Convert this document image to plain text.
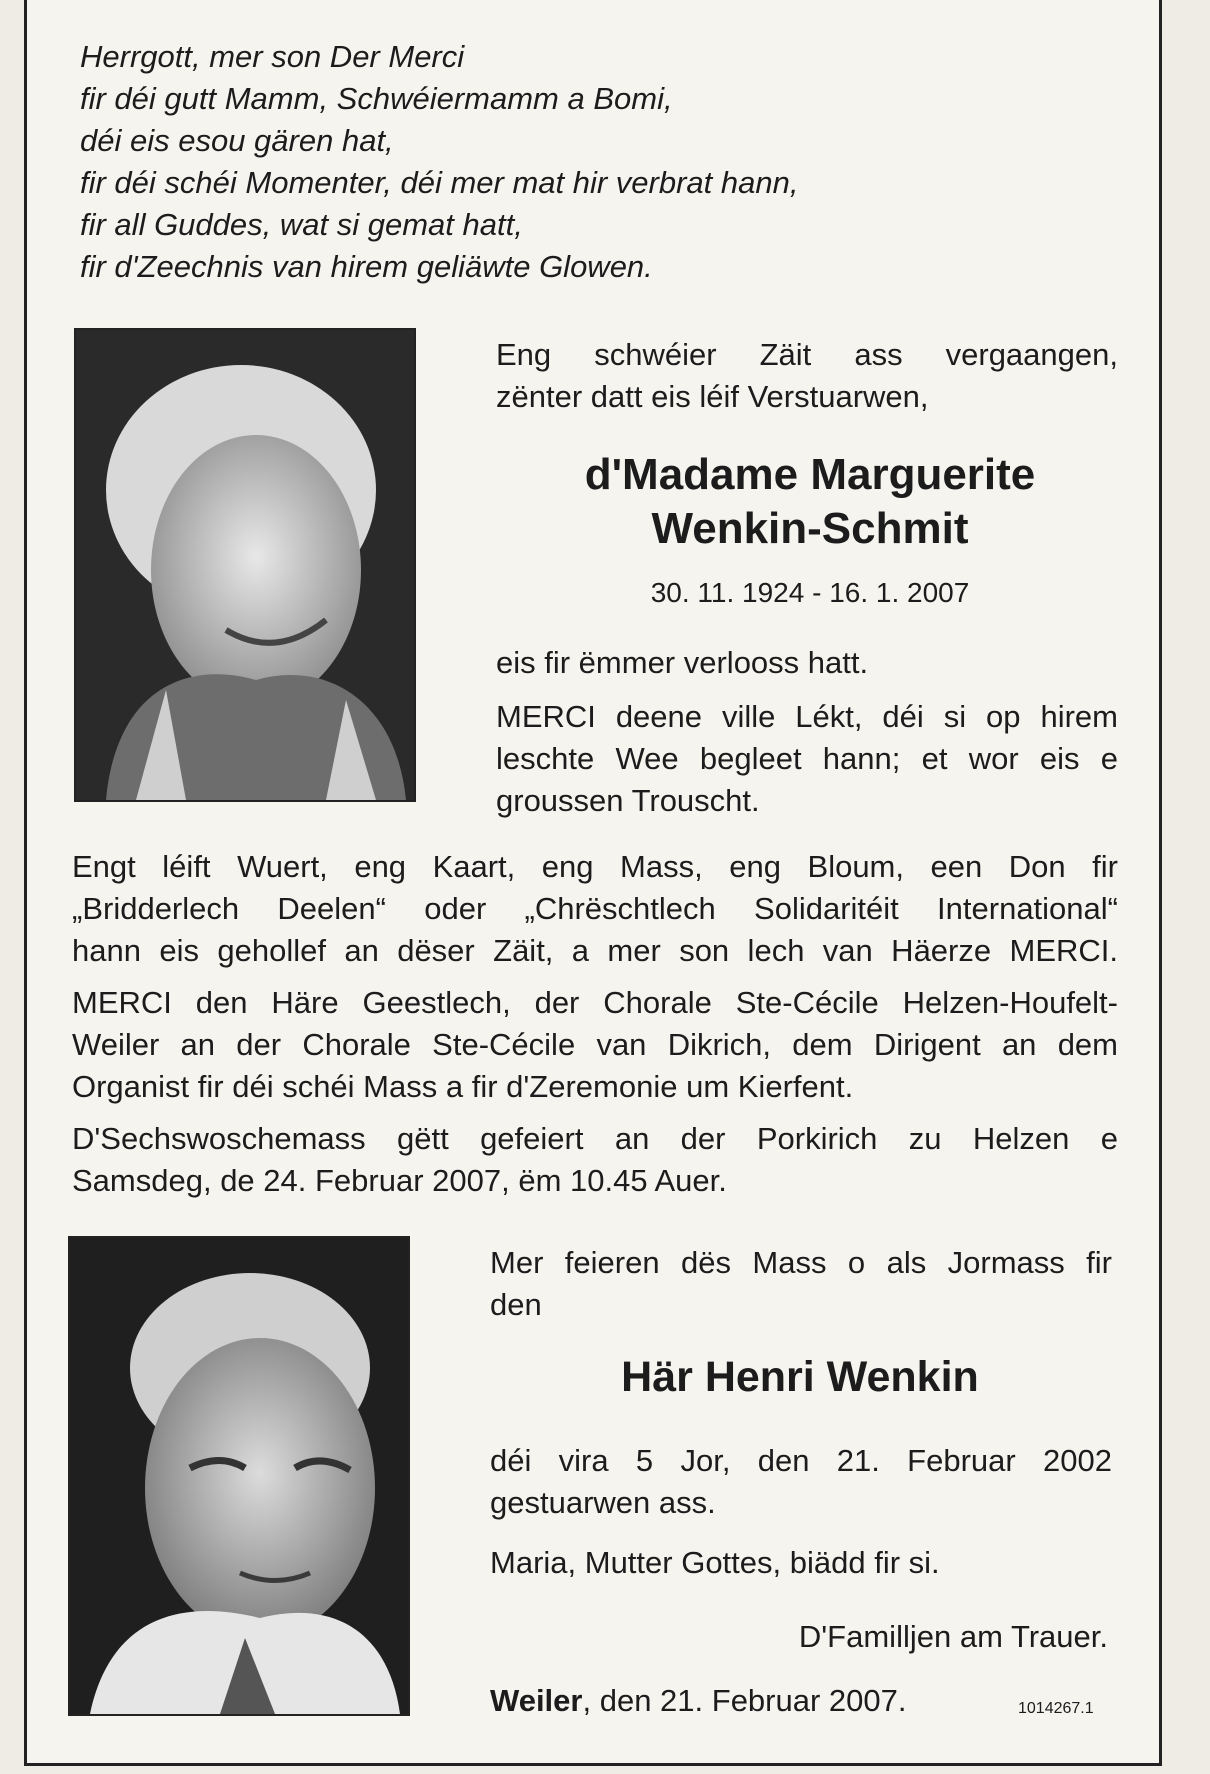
Herrgott, mer son Der Merci
fir déi gutt Mamm, Schwéiermamm a Bomi,
déi eis esou gären hat,
fir déi schéi Momenter, déi mer mat hir verbrat hann,
fir all Guddes, wat si gemat hatt,
fir d'Zeechnis van hirem geliäwte Glowen.
Eng schwéier Zäit ass vergaangen,
zënter datt eis léif Verstuarwen,
d'Madame Marguerite
Wenkin-Schmit
30. 11. 1924 - 16. 1. 2007
eis fir ëmmer verlooss hatt.
MERCI deene ville Lékt, déi si op hirem
leschte Wee begleet hann; et wor eis e
groussen Trouscht.
Engt léift Wuert, eng Kaart, eng Mass, eng Bloum, een Don fir
„Bridderlech Deelen“ oder „Chrëschtlech Solidaritéit International“
hann eis gehollef an dëser Zäit, a mer son lech van Häerze MERCI.
MERCI den Häre Geestlech, der Chorale Ste-Cécile Helzen-Houfelt-
Weiler an der Chorale Ste-Cécile van Dikrich, dem Dirigent an dem
Organist fir déi schéi Mass a fir d'Zeremonie um Kierfent.
D'Sechswoschemass gëtt gefeiert an der Porkirich zu Helzen e
Samsdeg, de 24. Februar 2007, ëm 10.45 Auer.
Mer feieren dës Mass o als Jormass fir
den
Här Henri Wenkin
déi vira 5 Jor, den 21. Februar 2002
gestuarwen ass.
Maria, Mutter Gottes, biädd fir si.
D'Familljen am Trauer.
Weiler, den 21. Februar 2007.	1014267.1
